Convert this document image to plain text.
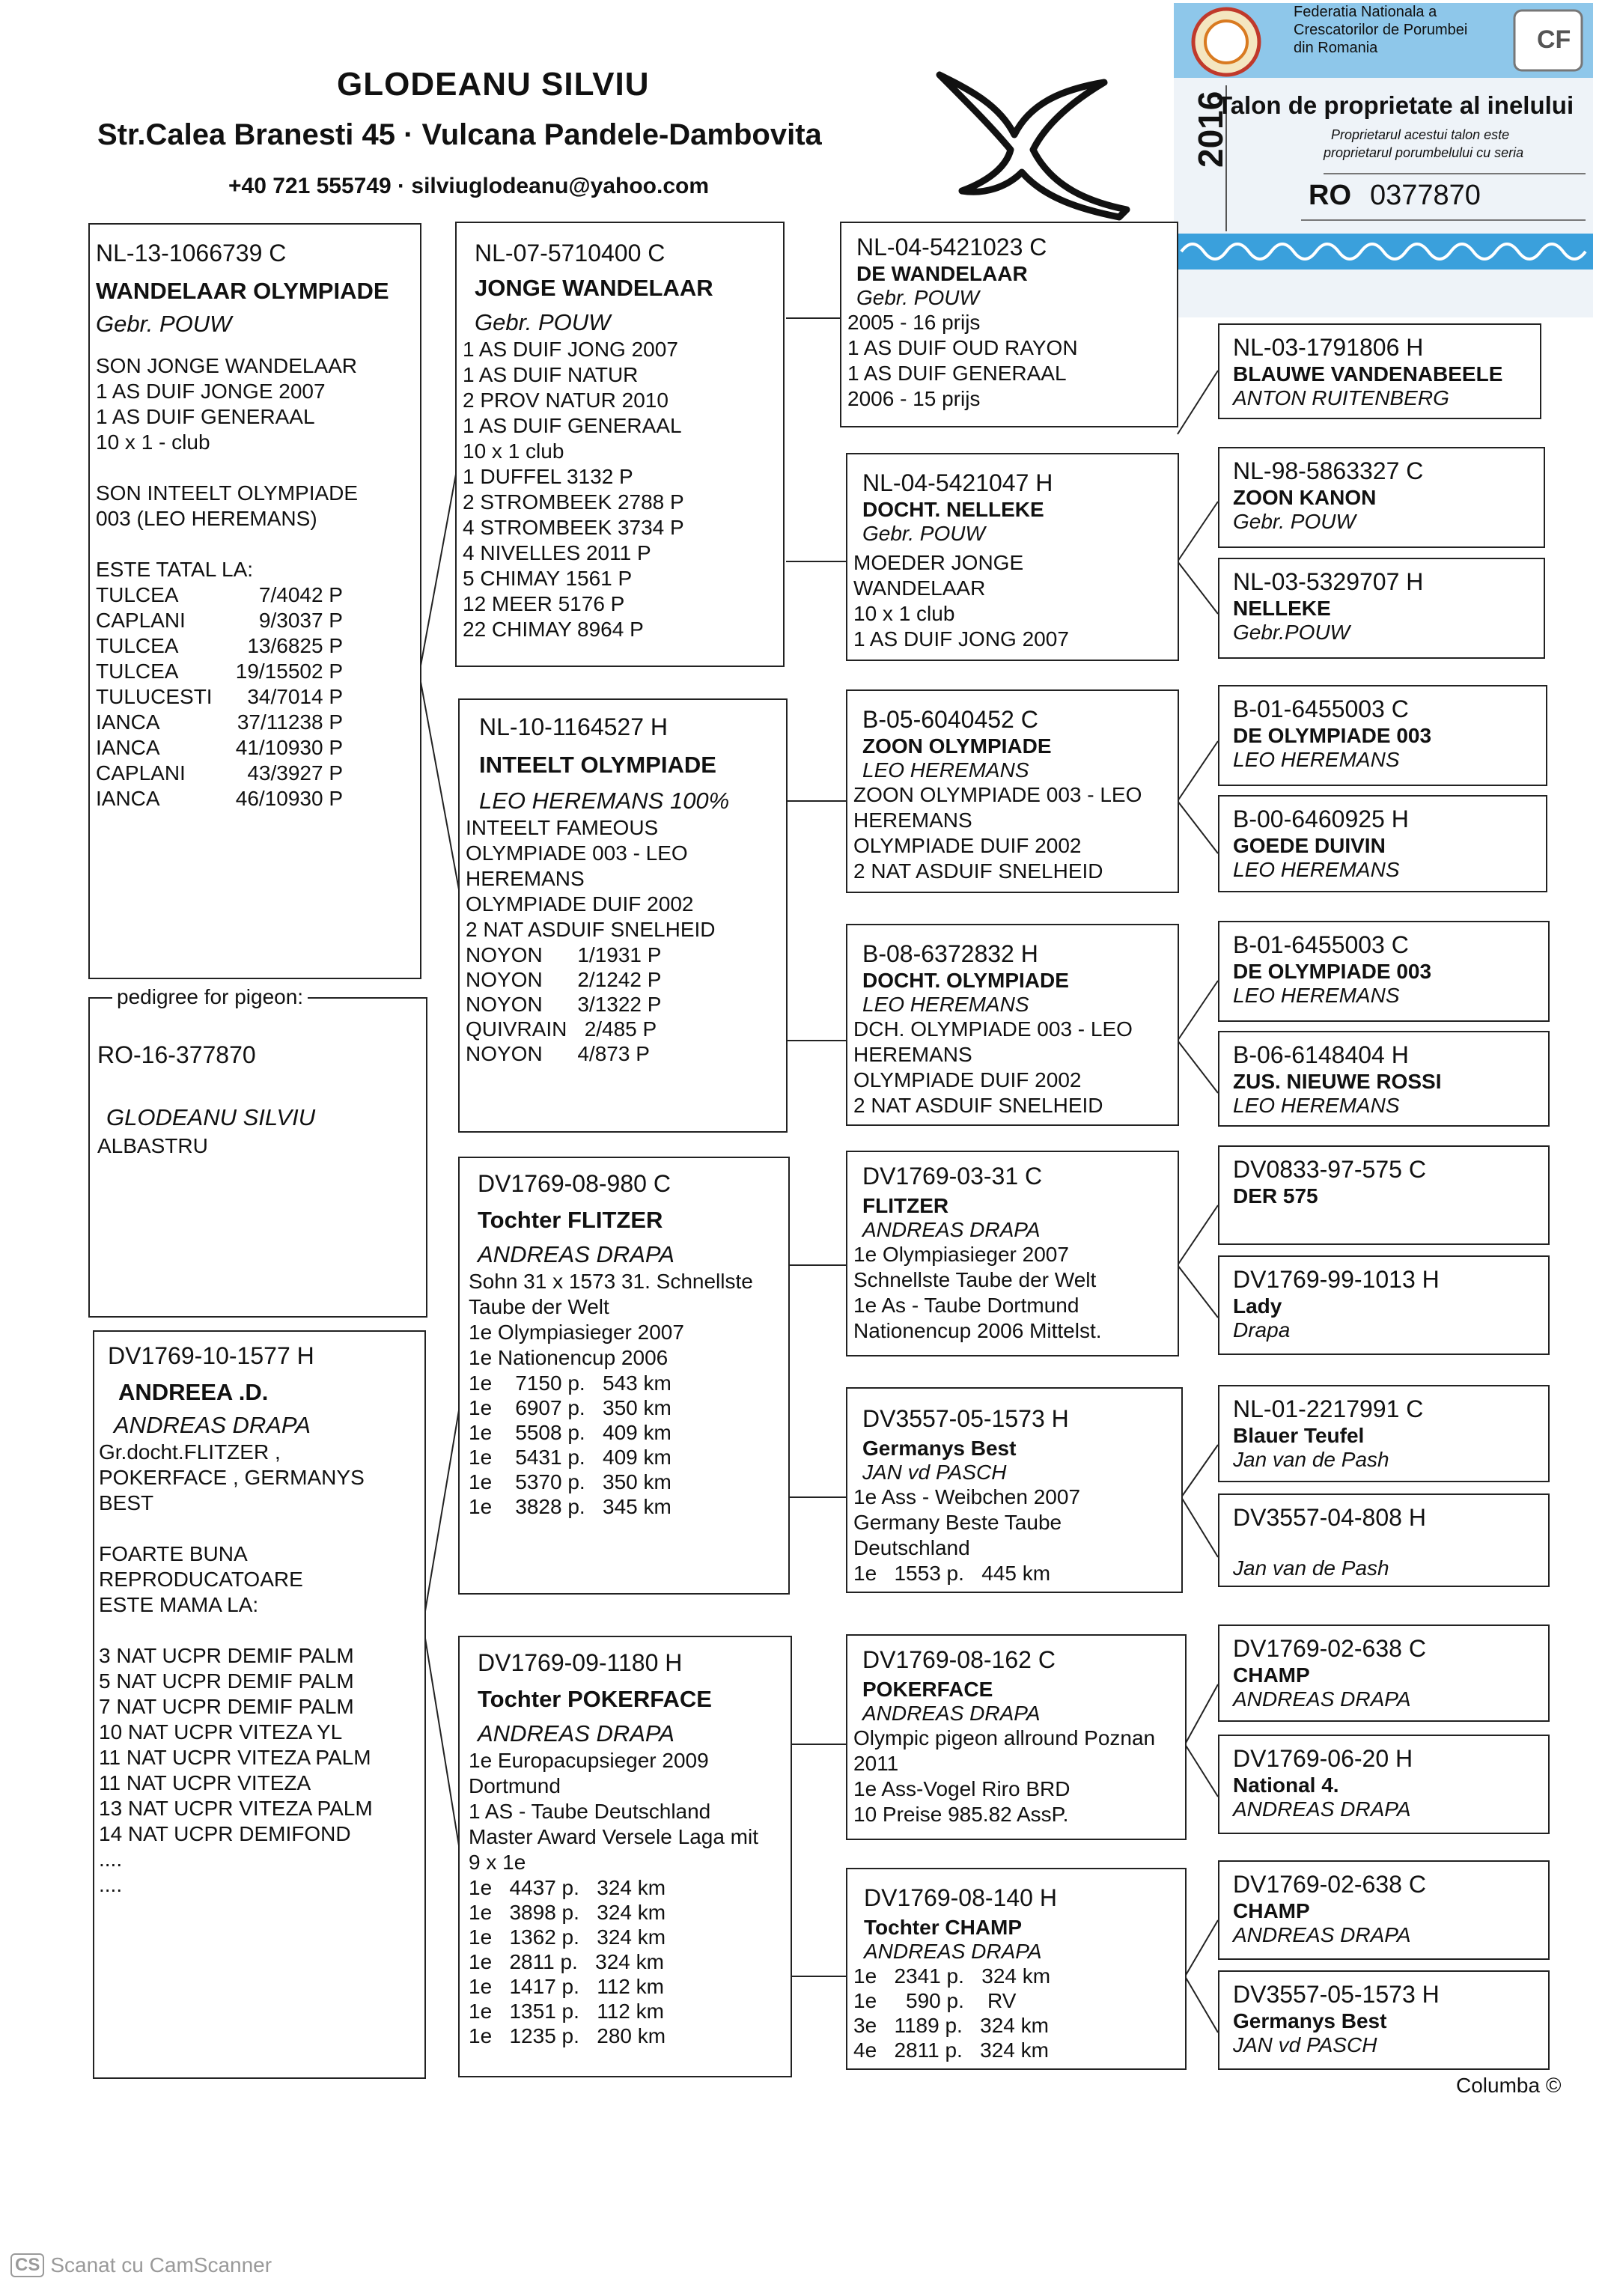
GLODEANU SILVIU
Str.Calea Branesti 45 · Vulcana Pandele-Dambovita
+40 721 555749 · silviuglodeanu@yahoo.com
Federatia Nationala a
Crescatorilor de Porumbei
din Romania	CF
2016
Talon de proprietate al inelului
Proprietarul acestui talon este
proprietarul porumbelului cu seria
RO 0377870
NL-13-1066739 C
WANDELAAR OLYMPIADE
Gebr. POUW
SON JONGE WANDELAAR
1 AS DUIF JONGE 2007
1 AS DUIF GENERAAL
10 x 1 - club
SON INTEELT OLYMPIADE
003 (LEO HEREMANS)
ESTE TATAL LA:
TULCEA	7/4042 P
CAPLANI	9/3037 P
TULCEA	13/6825 P
TULCEA	19/15502 P
TULUCESTI 34/7014 P
IANCA	37/11238 P
IANCA	41/10930 P
CAPLANI	43/3927 P
IANCA	46/10930 P
RO-16-377870
GLODEANU SILVIU
ALBASTRU
pedigree for pigeon:
DV1769-10-1577 H
ANDREEA .D.
ANDREAS DRAPA
Gr.docht.FLITZER ,
POKERFACE , GERMANYS
BEST
FOARTE BUNA
REPRODUCATOARE
ESTE MAMA LA:
3 NAT UCPR DEMIF PALM
5 NAT UCPR DEMIF PALM
7 NAT UCPR DEMIF PALM
10 NAT UCPR VITEZA YL
11 NAT UCPR VITEZA PALM
11 NAT UCPR VITEZA
13 NAT UCPR VITEZA PALM
14 NAT UCPR DEMIFOND
....
....
NL-07-5710400 C
JONGE WANDELAAR
Gebr. POUW
1 AS DUIF JONG 2007
1 AS DUIF NATUR
2 PROV NATUR 2010
1 AS DUIF GENERAAL
10 x 1 club
1 DUFFEL 3132 P
2 STROMBEEK 2788 P
4 STROMBEEK 3734 P
4 NIVELLES 2011 P
5 CHIMAY 1561 P
12 MEER 5176 P
22 CHIMAY 8964 P
NL-10-1164527 H
INTEELT OLYMPIADE
LEO HEREMANS 100%
INTEELT FAMEOUS
OLYMPIADE 003 - LEO
HEREMANS
OLYMPIADE DUIF 2002
2 NAT ASDUIF SNELHEID
NOYON      1/1931 P
NOYON      2/1242 P
NOYON      3/1322 P
QUIVRAIN   2/485 P
NOYON      4/873 P
DV1769-08-980 C
Tochter FLITZER
ANDREAS DRAPA
Sohn 31 x 1573 31. Schnellste
Taube der Welt
1e Olympiasieger 2007
1e Nationencup 2006
1e    7150 p.   543 km
1e    6907 p.   350 km
1e    5508 p.   409 km
1e    5431 p.   409 km
1e    5370 p.   350 km
1e    3828 p.   345 km
DV1769-09-1180 H
Tochter POKERFACE
ANDREAS DRAPA
1e Europacupsieger 2009
Dortmund
1 AS - Taube Deutschland
Master Award Versele Laga mit
9 x 1e
1e   4437 p.   324 km
1e   3898 p.   324 km
1e   1362 p.   324 km
1e   2811 p.   324 km
1e   1417 p.   112 km
1e   1351 p.   112 km
1e   1235 p.   280 km
NL-04-5421023 C
DE WANDELAAR
Gebr. POUW
2005 - 16 prijs
1 AS DUIF OUD RAYON
1 AS DUIF GENERAAL
2006 - 15 prijs
NL-04-5421047 H
DOCHT. NELLEKE
Gebr. POUW
MOEDER JONGE
WANDELAAR
10 x 1 club
1 AS DUIF JONG 2007
B-05-6040452 C
ZOON OLYMPIADE
LEO HEREMANS
ZOON OLYMPIADE 003 - LEO
HEREMANS
OLYMPIADE DUIF 2002
2 NAT ASDUIF SNELHEID
B-08-6372832 H
DOCHT. OLYMPIADE
LEO HEREMANS
DCH. OLYMPIADE 003 - LEO
HEREMANS
OLYMPIADE DUIF 2002
2 NAT ASDUIF SNELHEID
DV1769-03-31 C
FLITZER
ANDREAS DRAPA
1e Olympiasieger 2007
Schnellste Taube der Welt
1e As - Taube Dortmund
Nationencup 2006 Mittelst.
DV3557-05-1573 H
Germanys Best
JAN vd PASCH
1e Ass - Weibchen 2007
Germany Beste Taube
Deutschland
1e   1553 p.   445 km
DV1769-08-162 C
POKERFACE
ANDREAS DRAPA
Olympic pigeon allround Poznan
2011
1e Ass-Vogel Riro BRD
10 Preise 985.82 AssP.
DV1769-08-140 H
Tochter CHAMP
ANDREAS DRAPA
1e   2341 p.   324 km
1e     590 p.    RV
3e   1189 p.   324 km
4e   2811 p.   324 km
NL-03-1791806 H
BLAUWE VANDENABEELE
ANTON RUITENBERG
NL-98-5863327 C
ZOON KANON
Gebr. POUW
NL-03-5329707 H
NELLEKE
Gebr.POUW
B-01-6455003 C
DE OLYMPIADE 003
LEO HEREMANS
B-00-6460925 H
GOEDE DUIVIN
LEO HEREMANS
B-01-6455003 C
DE OLYMPIADE 003
LEO HEREMANS
B-06-6148404 H
ZUS. NIEUWE ROSSI
LEO HEREMANS
DV0833-97-575 C
DER 575
DV1769-99-1013 H
Lady
Drapa
NL-01-2217991 C
Blauer Teufel
Jan van de Pash
DV3557-04-808 H
Jan van de Pash
DV1769-02-638 C
CHAMP
ANDREAS DRAPA
DV1769-06-20 H
National 4.
ANDREAS DRAPA
DV1769-02-638 C
CHAMP
ANDREAS DRAPA
DV3557-05-1573 H
Germanys Best
JAN vd PASCH
Columba ©
CS Scanat cu CamScanner
